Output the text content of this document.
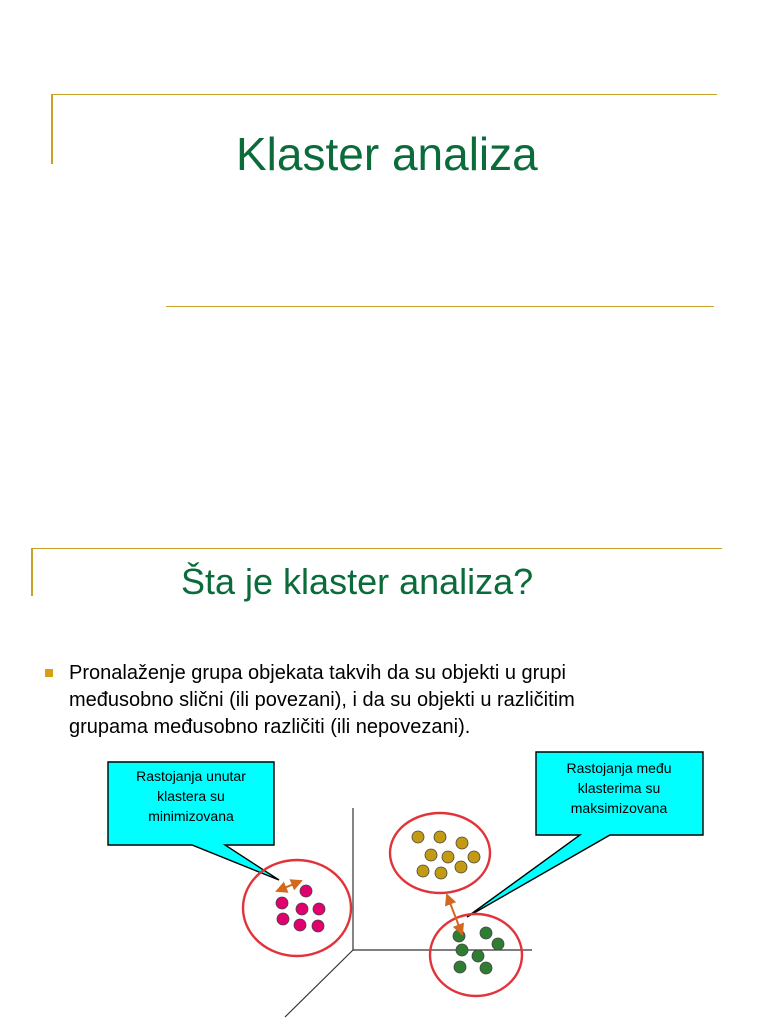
Klaster analiza
Šta je klaster analiza?
Pronalaženje grupa objekata takvih da su objekti u grupi
međusobno slični (ili povezani), i da su objekti u različitim
grupama međusobno različiti (ili nepovezani).
Rastojanja unutar
klastera su
minimizovana
Rastojanja među
klasterima su
maksimizovana
